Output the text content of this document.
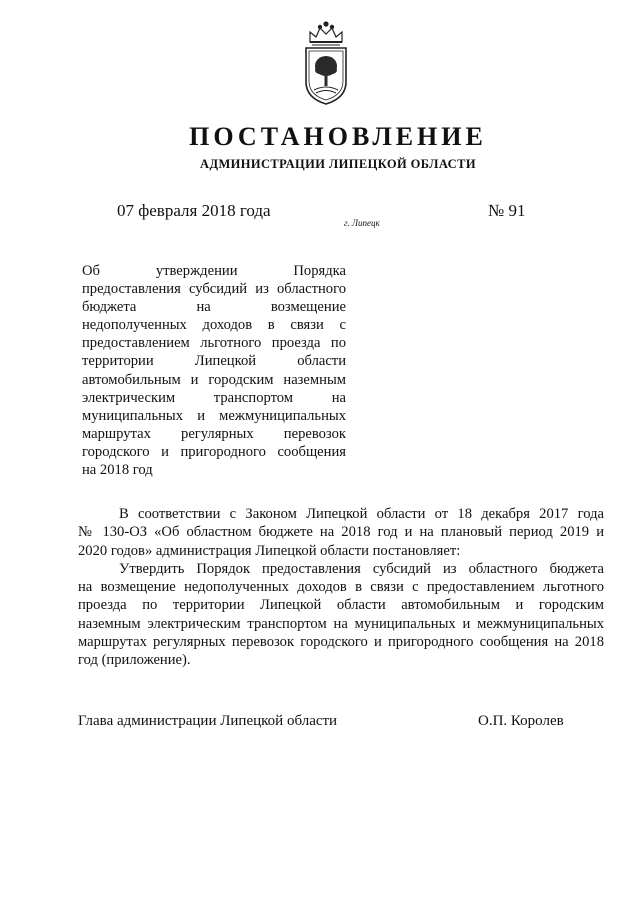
ПОСТАНОВЛЕНИЕ
АДМИНИСТРАЦИИ ЛИПЕЦКОЙ ОБЛАСТИ
07 февраля 2018 года
г. Липецк
№ 91
Об утверждении Порядка
предоставления субсидий из областного
бюджета на возмещение
недополученных доходов в связи с
предоставлением льготного проезда по
территории Липецкой области
автомобильным и городским наземным
электрическим транспортом на
муниципальных и межмуниципальных
маршрутах регулярных перевозок
городского и пригородного сообщения
на 2018 год
В соответствии с Законом Липецкой области от 18 декабря 2017 года
№ 130-ОЗ «Об областном бюджете на 2018 год и на плановый период 2019 и
2020 годов» администрация Липецкой области постановляет:
Утвердить Порядок предоставления субсидий из областного бюджета
на возмещение недополученных доходов в связи с предоставлением льготного
проезда по территории Липецкой области автомобильным и городским
наземным электрическим транспортом на муниципальных и межмуниципальных
маршрутах регулярных перевозок городского и пригородного сообщения на 2018
год (приложение).
Глава администрации Липецкой области	О.П. Королев
